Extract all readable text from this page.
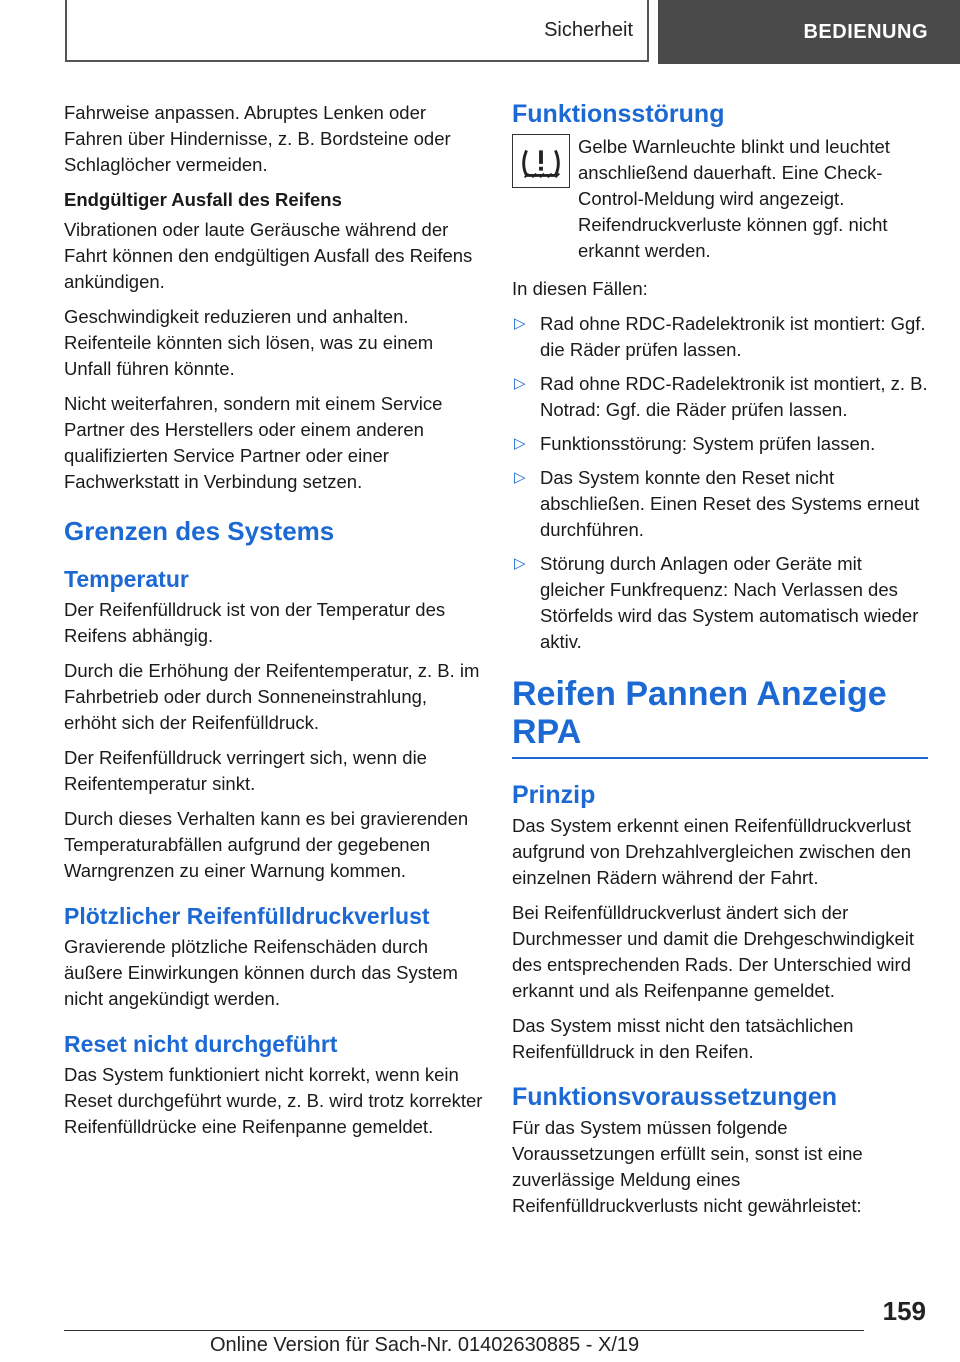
Sicherheit	BEDIENUNG

Fahrweise anpassen. Abruptes Lenken oder Fahren über Hindernisse, z. B. Bordsteine oder Schlaglöcher vermeiden.

Endgültiger Ausfall des Reifens

Vibrationen oder laute Geräusche während der Fahrt können den endgültigen Ausfall des Reifens ankündigen.

Geschwindigkeit reduzieren und anhalten. Reifenteile könnten sich lösen, was zu einem Unfall führen könnte.

Nicht weiterfahren, sondern mit einem Service Partner des Herstellers oder einem anderen qualifizierten Service Partner oder einer Fachwerkstatt in Verbindung setzen.

Grenzen des Systems
Temperatur

Der Reifenfülldruck ist von der Temperatur des Reifens abhängig.

Durch die Erhöhung der Reifentemperatur, z. B. im Fahrbetrieb oder durch Sonneneinstrahlung, erhöht sich der Reifenfülldruck.

Der Reifenfülldruck verringert sich, wenn die Reifentemperatur sinkt.

Durch dieses Verhalten kann es bei gravierenden Temperaturabfällen aufgrund der gegebenen Warngrenzen zu einer Warnung kommen.

Plötzlicher Reifenfülldruckverlust

Gravierende plötzliche Reifenschäden durch äußere Einwirkungen können durch das System nicht angekündigt werden.

Reset nicht durchgeführt

Das System funktioniert nicht korrekt, wenn kein Reset durchgeführt wurde, z. B. wird trotz korrekter Reifenfülldrücke eine Reifenpanne gemeldet.

Funktionsstörung
Gelbe Warnleuchte blinkt und leuchtet anschließend dauerhaft. Eine Check-Control-Meldung wird angezeigt. Reifendruckverluste können ggf. nicht erkannt werden.

In diesen Fällen:

▷ Rad ohne RDC-Radelektronik ist montiert: Ggf. die Räder prüfen lassen.
▷ Rad ohne RDC-Radelektronik ist montiert, z. B. Notrad: Ggf. die Räder prüfen lassen.
▷ Funktionsstörung: System prüfen lassen.
▷ Das System konnte den Reset nicht abschließen. Einen Reset des Systems erneut durchführen.
▷ Störung durch Anlagen oder Geräte mit gleicher Funkfrequenz: Nach Verlassen des Störfelds wird das System automatisch wieder aktiv.
Reifen Pannen Anzeige RPA
Prinzip

Das System erkennt einen Reifenfülldruckverlust aufgrund von Drehzahlvergleichen zwischen den einzelnen Rädern während der Fahrt.

Bei Reifenfülldruckverlust ändert sich der Durchmesser und damit die Drehgeschwindigkeit des entsprechenden Rads. Der Unterschied wird erkannt und als Reifenpanne gemeldet.

Das System misst nicht den tatsächlichen Reifenfülldruck in den Reifen.

Funktionsvoraussetzungen

Für das System müssen folgende Voraussetzungen erfüllt sein, sonst ist eine zuverlässige Meldung eines Reifenfülldruckverlusts nicht gewährleistet:

159
Online Version für Sach-Nr. 01402630885 - X/19
